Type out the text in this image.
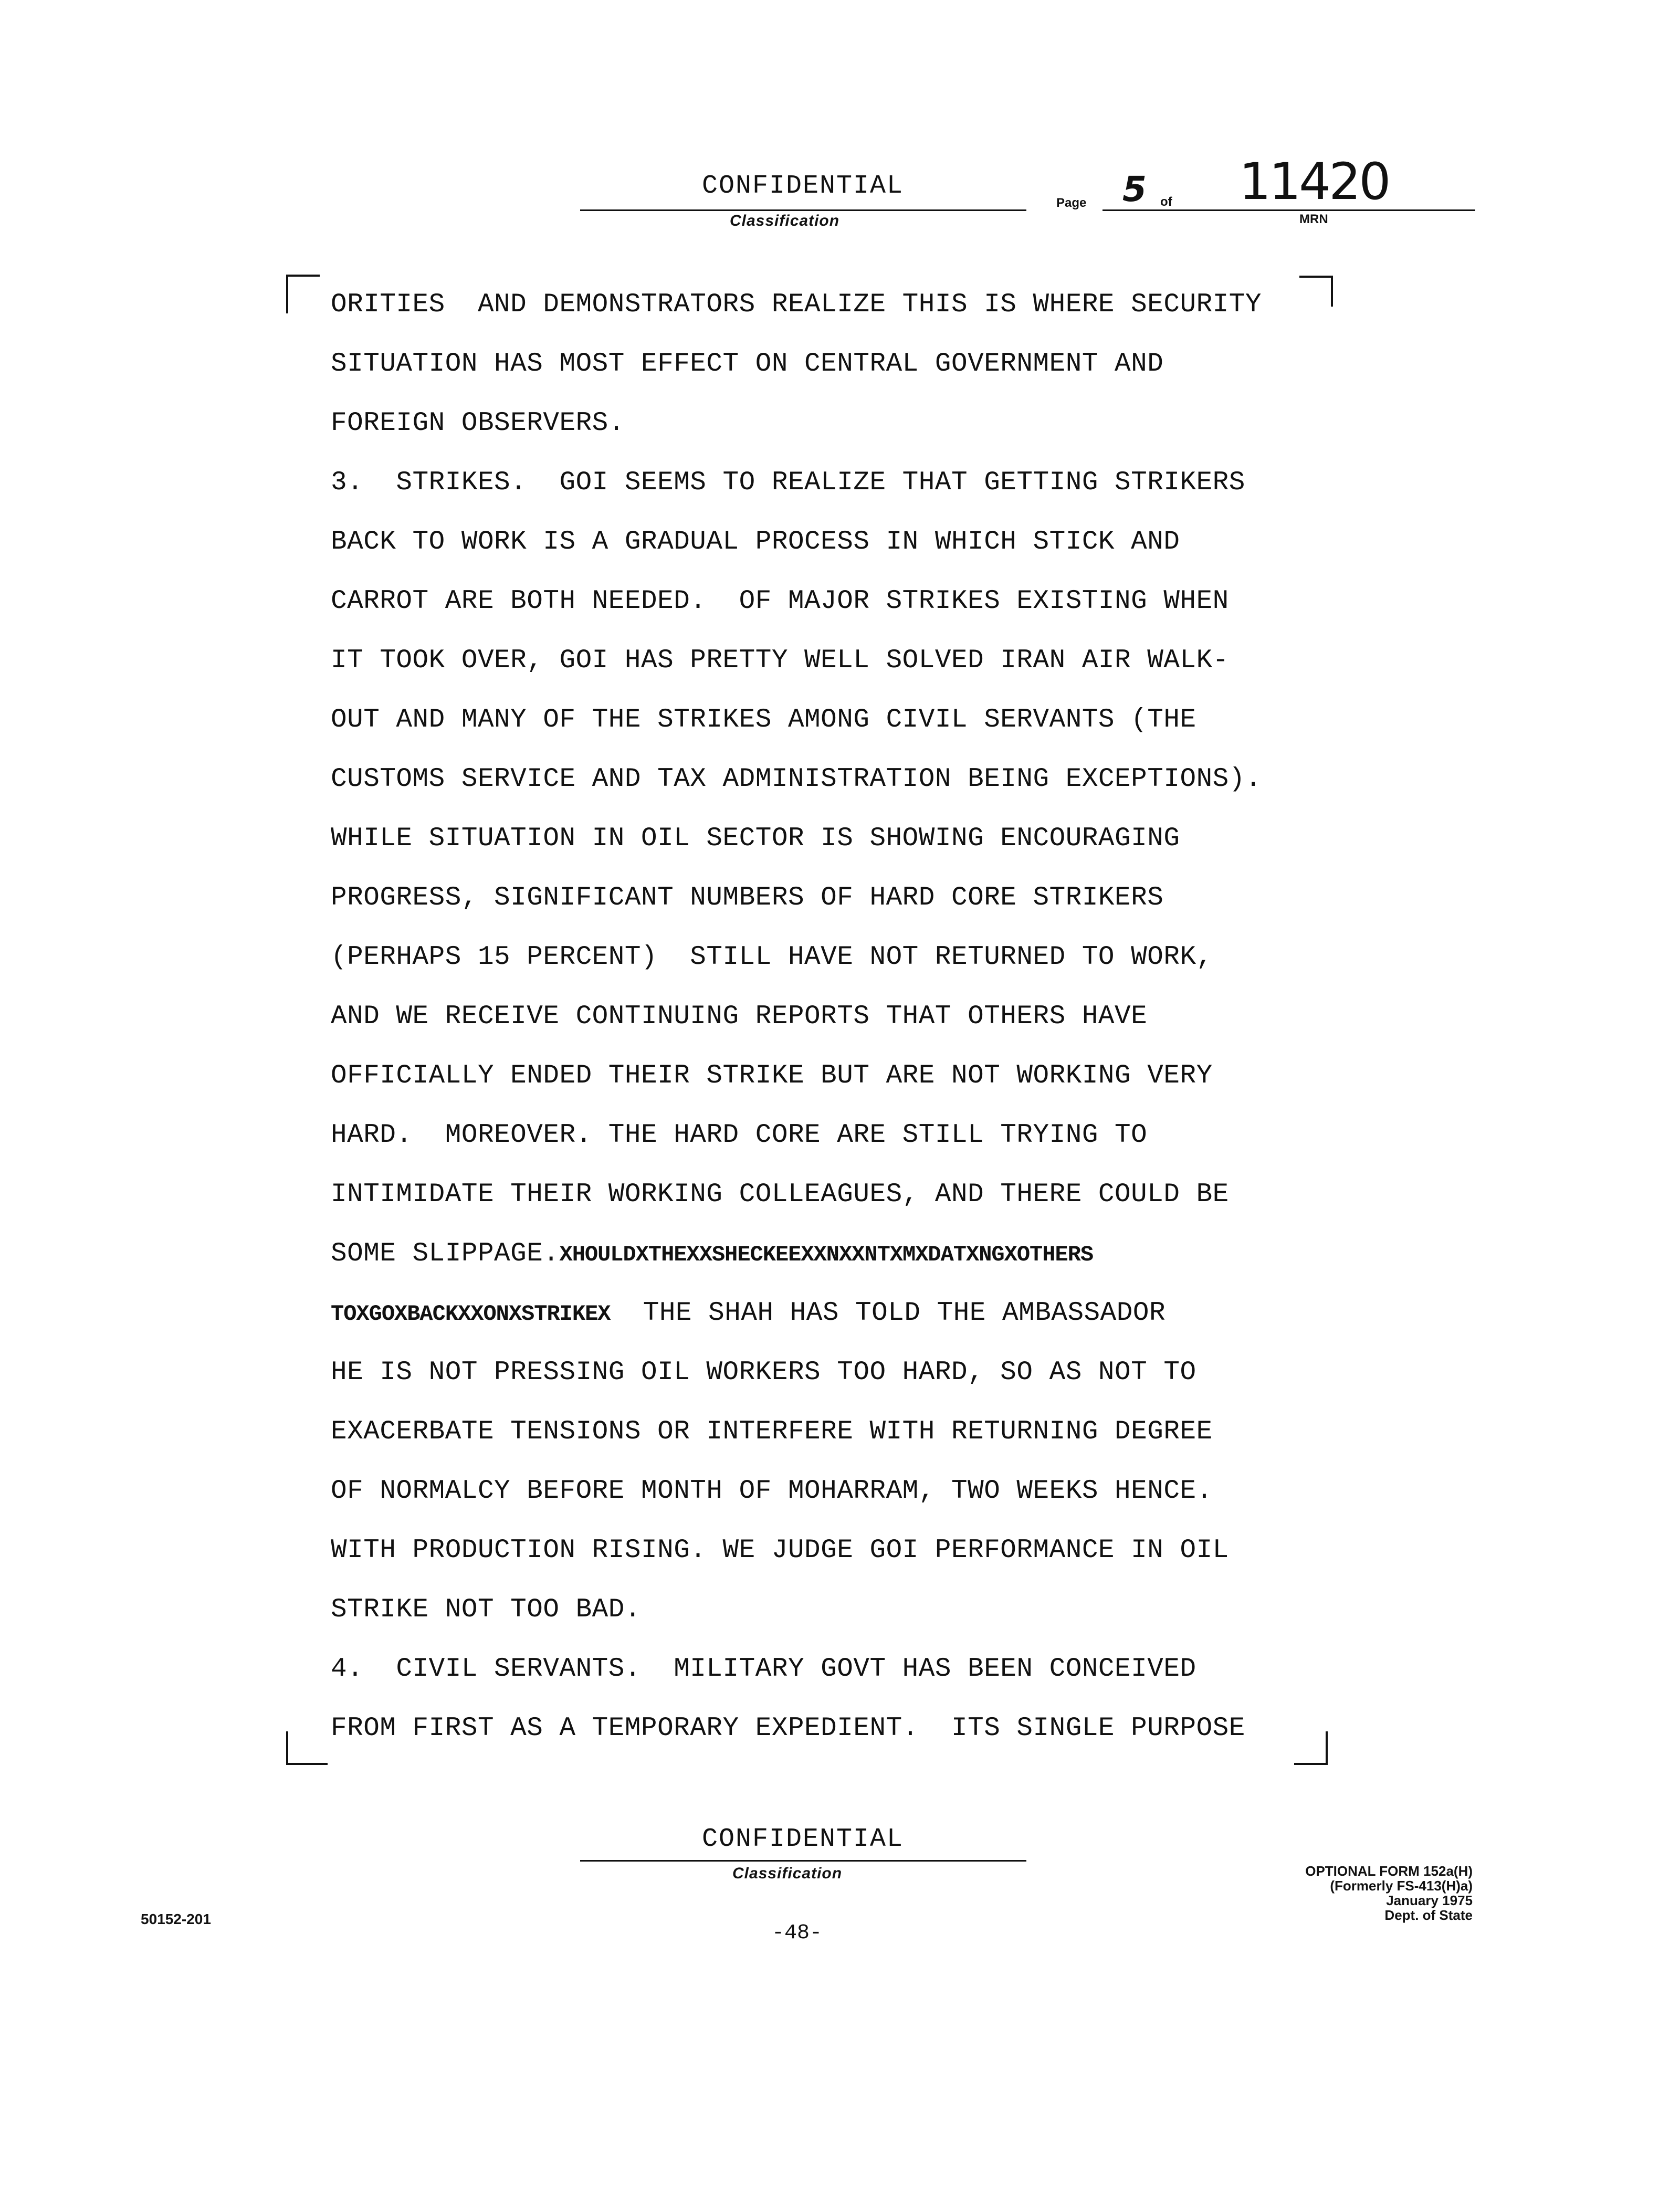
CONFIDENTIAL
Classification
Page 5 of 11420
MRN
ORITIES  AND DEMONSTRATORS REALIZE THIS IS WHERE SECURITY
SITUATION HAS MOST EFFECT ON CENTRAL GOVERNMENT AND
FOREIGN OBSERVERS.
3.  STRIKES.  GOI SEEMS TO REALIZE THAT GETTING STRIKERS
BACK TO WORK IS A GRADUAL PROCESS IN WHICH STICK AND
CARROT ARE BOTH NEEDED.  OF MAJOR STRIKES EXISTING WHEN
IT TOOK OVER, GOI HAS PRETTY WELL SOLVED IRAN AIR WALK-
OUT AND MANY OF THE STRIKES AMONG CIVIL SERVANTS (THE
CUSTOMS SERVICE AND TAX ADMINISTRATION BEING EXCEPTIONS).
WHILE SITUATION IN OIL SECTOR IS SHOWING ENCOURAGING
PROGRESS, SIGNIFICANT NUMBERS OF HARD CORE STRIKERS
(PERHAPS 15 PERCENT)  STILL HAVE NOT RETURNED TO WORK,
AND WE RECEIVE CONTINUING REPORTS THAT OTHERS HAVE
OFFICIALLY ENDED THEIR STRIKE BUT ARE NOT WORKING VERY
HARD.  MOREOVER. THE HARD CORE ARE STILL TRYING TO
INTIMIDATE THEIR WORKING COLLEAGUES, AND THERE COULD BE
SOME SLIPPAGE.XHOULDXTHEXXSHECKEEXXNXXNTXMXDATXNGXOTHERS
TOXGOXBACKXXONXSTRIKEX  THE SHAH HAS TOLD THE AMBASSADOR
HE IS NOT PRESSING OIL WORKERS TOO HARD, SO AS NOT TO
EXACERBATE TENSIONS OR INTERFERE WITH RETURNING DEGREE
OF NORMALCY BEFORE MONTH OF MOHARRAM, TWO WEEKS HENCE.
WITH PRODUCTION RISING. WE JUDGE GOI PERFORMANCE IN OIL
STRIKE NOT TOO BAD.
4.  CIVIL SERVANTS.  MILITARY GOVT HAS BEEN CONCEIVED
FROM FIRST AS A TEMPORARY EXPEDIENT.  ITS SINGLE PURPOSE
CONFIDENTIAL
Classification
-48-
50152-201
OPTIONAL FORM 152a(H)
(Formerly FS-413(H)a)
January 1975
Dept. of State
